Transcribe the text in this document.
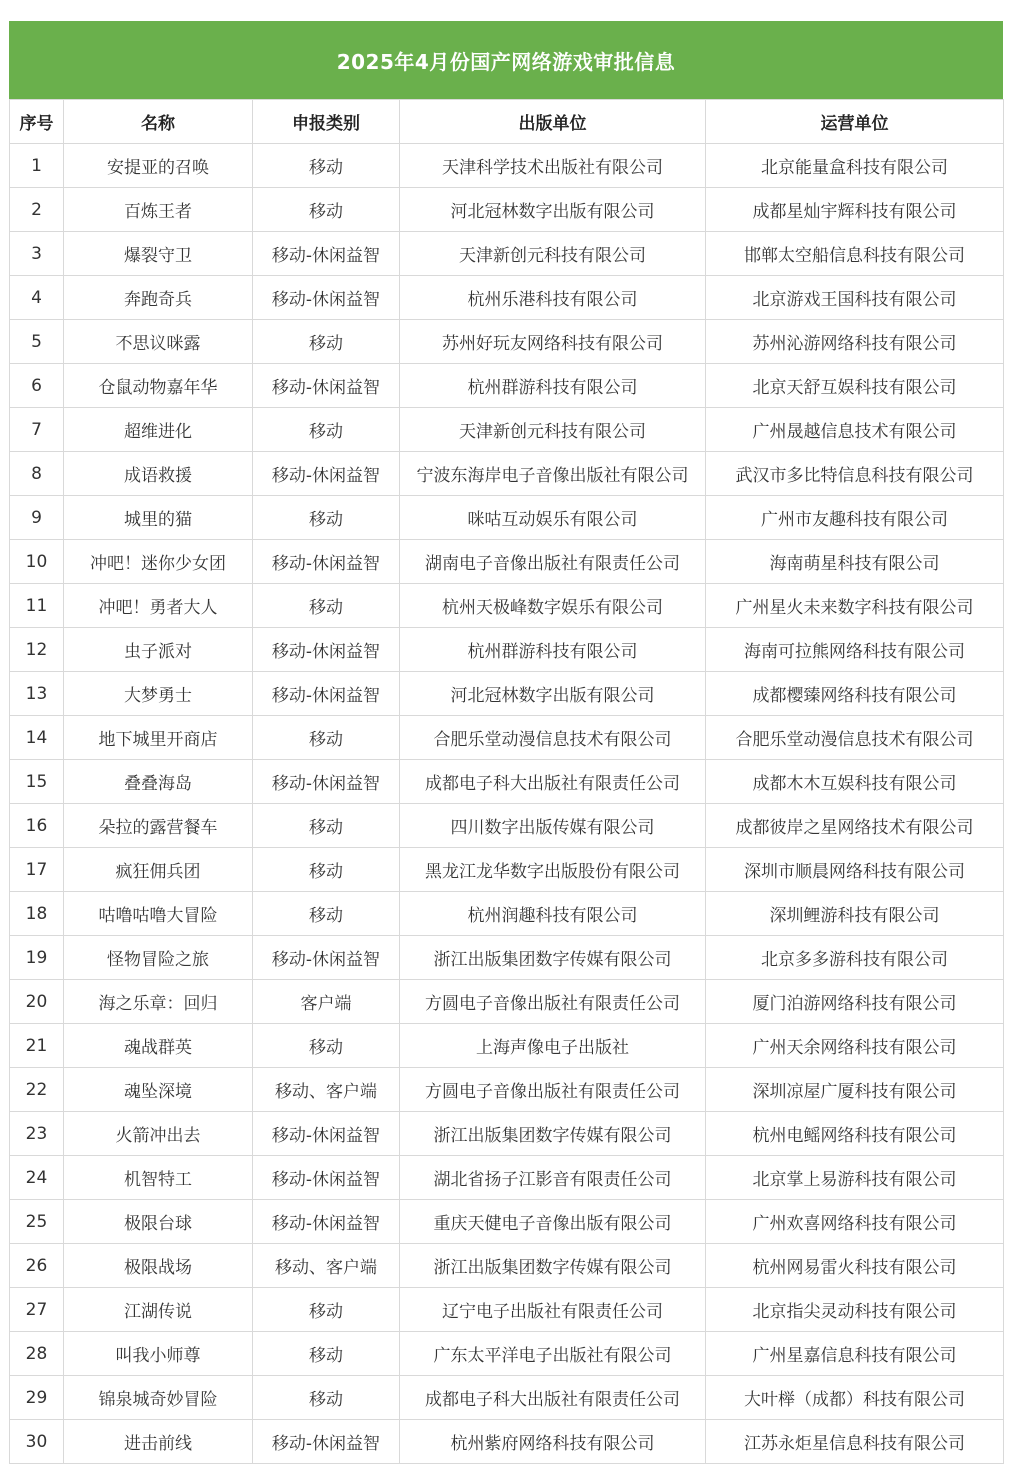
2025年4月份国产网络游戏审批信息
序号	名称	申报类别	出版单位	运营单位
1	安提亚的召唤	移动	天津科学技术出版社有限公司	北京能量盒科技有限公司
2	百炼王者	移动	河北冠林数字出版有限公司	成都星灿宇辉科技有限公司
3	爆裂守卫	移动-休闲益智	天津新创元科技有限公司	邯郸太空船信息科技有限公司
4	奔跑奇兵	移动-休闲益智	杭州乐港科技有限公司	北京游戏王国科技有限公司
5	不思议咪露	移动	苏州好玩友网络科技有限公司	苏州沁游网络科技有限公司
6	仓鼠动物嘉年华	移动-休闲益智	杭州群游科技有限公司	北京天舒互娱科技有限公司
7	超维进化	移动	天津新创元科技有限公司	广州晟越信息技术有限公司
8	成语救援	移动-休闲益智	宁波东海岸电子音像出版社有限公司	武汉市多比特信息科技有限公司
9	城里的猫	移动	咪咕互动娱乐有限公司	广州市友趣科技有限公司
10	冲吧！迷你少女团	移动-休闲益智	湖南电子音像出版社有限责任公司	海南萌星科技有限公司
11	冲吧！勇者大人	移动	杭州天极峰数字娱乐有限公司	广州星火未来数字科技有限公司
12	虫子派对	移动-休闲益智	杭州群游科技有限公司	海南可拉熊网络科技有限公司
13	大梦勇士	移动-休闲益智	河北冠林数字出版有限公司	成都樱臻网络科技有限公司
14	地下城里开商店	移动	合肥乐堂动漫信息技术有限公司	合肥乐堂动漫信息技术有限公司
15	叠叠海岛	移动-休闲益智	成都电子科大出版社有限责任公司	成都木木互娱科技有限公司
16	朵拉的露营餐车	移动	四川数字出版传媒有限公司	成都彼岸之星网络技术有限公司
17	疯狂佣兵团	移动	黑龙江龙华数字出版股份有限公司	深圳市顺晨网络科技有限公司
18	咕噜咕噜大冒险	移动	杭州润趣科技有限公司	深圳鲤游科技有限公司
19	怪物冒险之旅	移动-休闲益智	浙江出版集团数字传媒有限公司	北京多多游科技有限公司
20	海之乐章：回归	客户端	方圆电子音像出版社有限责任公司	厦门泊游网络科技有限公司
21	魂战群英	移动	上海声像电子出版社	广州天余网络科技有限公司
22	魂坠深境	移动、客户端	方圆电子音像出版社有限责任公司	深圳凉屋广厦科技有限公司
23	火箭冲出去	移动-休闲益智	浙江出版集团数字传媒有限公司	杭州电鳐网络科技有限公司
24	机智特工	移动-休闲益智	湖北省扬子江影音有限责任公司	北京掌上易游科技有限公司
25	极限台球	移动-休闲益智	重庆天健电子音像出版有限公司	广州欢喜网络科技有限公司
26	极限战场	移动、客户端	浙江出版集团数字传媒有限公司	杭州网易雷火科技有限公司
27	江湖传说	移动	辽宁电子出版社有限责任公司	北京指尖灵动科技有限公司
28	叫我小师尊	移动	广东太平洋电子出版社有限公司	广州星嘉信息科技有限公司
29	锦泉城奇妙冒险	移动	成都电子科大出版社有限责任公司	大叶榉（成都）科技有限公司
30	进击前线	移动-休闲益智	杭州紫府网络科技有限公司	江苏永炬星信息科技有限公司
